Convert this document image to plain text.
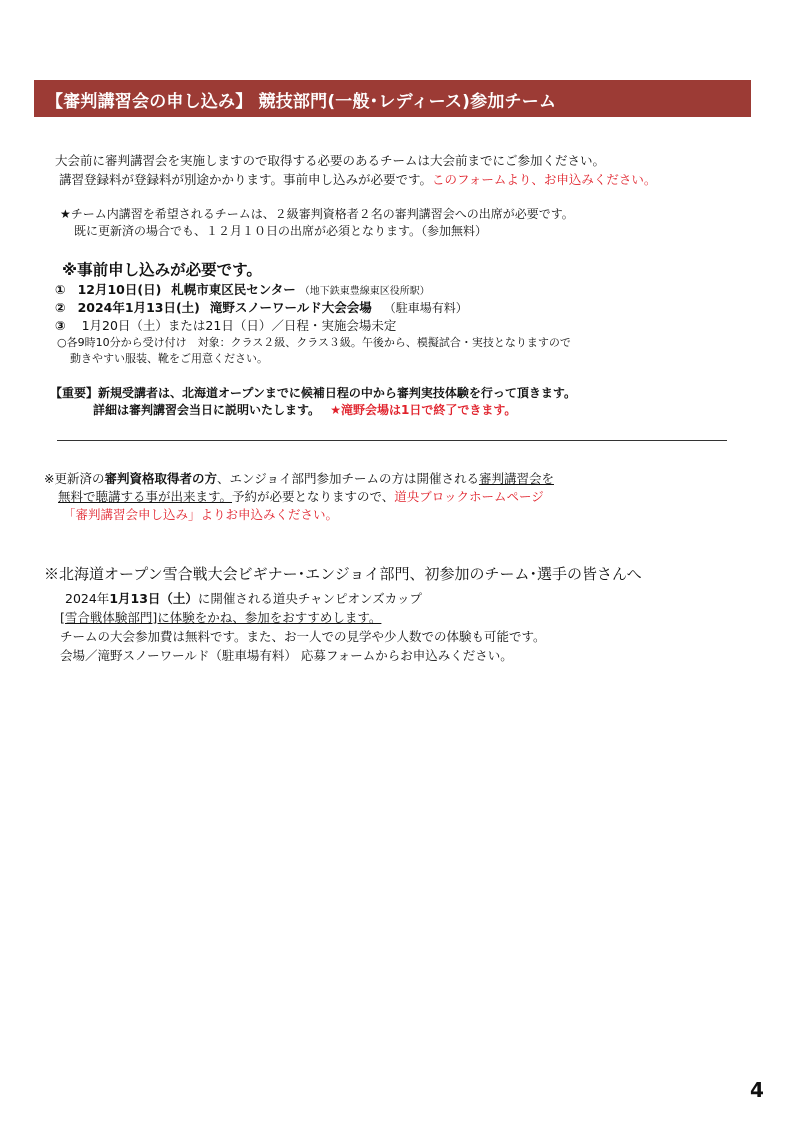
【審判講習会の申し込み】 競技部門(一般･レディース)参加チーム
大会前に審判講習会を実施しますので取得する必要のあるチームは大会前までにご参加ください。
講習登録料が登録料が別途かかります。事前申し込みが必要です。このフォームより、お申込みください。
★チーム内講習を希望されるチームは、２級審判資格者２名の審判講習会への出席が必要です。
既に更新済の場合でも、１２月１０日の出席が必須となります。（参加無料）
※事前申し込みが必要です。
① 12月10日(日) 札幌市東区民センター （地下鉄東豊線東区役所駅）
② 2024年1月13日(土) 滝野スノーワールド大会会場 （駐車場有料）
③ 1月20日（土）または21日（日）／日程・実施会場未定
○各9時10分から受け付け　対象：クラス２級、クラス３級。午後から、模擬試合・実技となりますので
動きやすい服装、靴をご用意ください。
【重要】新規受講者は、北海道オープンまでに候補日程の中から審判実技体験を行って頂きます。
詳細は審判講習会当日に説明いたします。 ★滝野会場は1日で終了できます。
※更新済の審判資格取得者の方、エンジョイ部門参加チームの方は開催される審判講習会を
無料で聴講する事が出来ます。予約が必要となりますので、道央ブロックホームページ
「審判講習会申し込み」よりお申込みください。
※北海道オープン雪合戦大会ビギナー･エンジョイ部門、初参加のチーム･選手の皆さんへ
2024年1月13日（土）に開催される道央チャンピオンズカップ
[雪合戦体験部門]に体験をかね、参加をおすすめします。
チームの大会参加費は無料です。また、お一人での見学や少人数での体験も可能です。
会場／滝野スノーワールド（駐車場有料） 応募フォームからお申込みください。
4
